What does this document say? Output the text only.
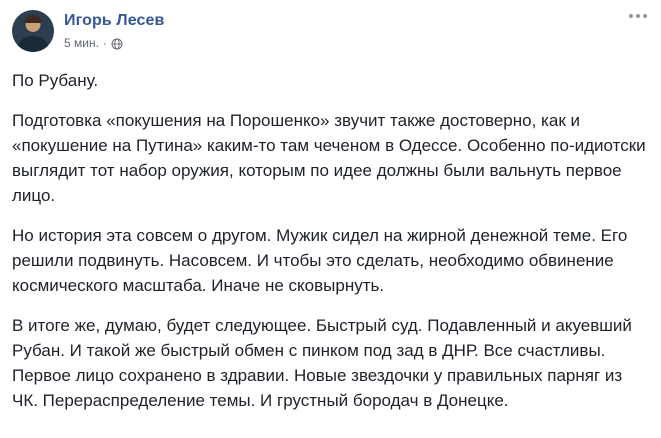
Игорь Лесев
5 мин. ·

По Рубану.

Подготовка «покушения на Порошенко» звучит также достоверно, как и «покушение на Путина» каким-то там чеченом в Одессе. Особенно по-идиотски выглядит тот набор оружия, которым по идее должны были вальнуть первое лицо.

Но история эта совсем о другом. Мужик сидел на жирной денежной теме. Его решили подвинуть. Насовсем. И чтобы это сделать, необходимо обвинение космического масштаба. Иначе не сковырнуть.

В итоге же, думаю, будет следующее. Быстрый суд. Подавленный и акуевший Рубан. И такой же быстрый обмен с пинком под зад в ДНР. Все счастливы. Первое лицо сохранено в здравии. Новые звездочки у правильных парняг из ЧК. Перераспределение темы. И грустный бородач в Донецке.
